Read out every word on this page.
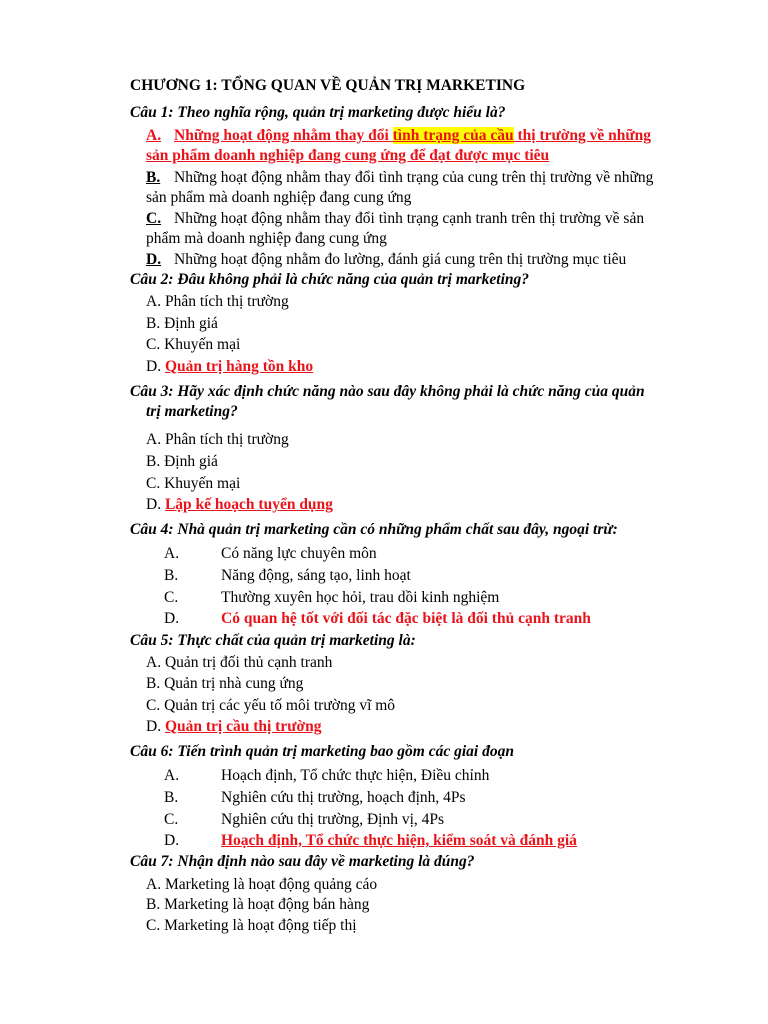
CHƯƠNG 1: TỔNG QUAN VỀ QUẢN TRỊ MARKETING
Câu 1: Theo nghĩa rộng, quản trị marketing được hiểu là?
A. Những hoạt động nhằm thay đổi tình trạng của cầu thị trường về những
sản phẩm doanh nghiệp đang cung ứng để đạt được mục tiêu
B. Những hoạt động nhằm thay đổi tình trạng của cung trên thị trường về những
sản phẩm mà doanh nghiệp đang cung ứng
C. Những hoạt động nhằm thay đổi tình trạng cạnh tranh trên thị trường về sản
phẩm mà doanh nghiệp đang cung ứng
D. Những hoạt động nhằm đo lường, đánh giá cung trên thị trường mục tiêu
Câu 2: Đâu không phải là chức năng của quản trị marketing?
A. Phân tích thị trường
B. Định giá
C. Khuyến mại
D. Quản trị hàng tồn kho
Câu 3: Hãy xác định chức năng nào sau đây không phải là chức năng của quản
trị marketing?
A. Phân tích thị trường
B. Định giá
C. Khuyến mại
D. Lập kế hoạch tuyển dụng
Câu 4: Nhà quản trị marketing cần có những phẩm chất sau đây, ngoại trừ:
A.	Có năng lực chuyên môn
B.	Năng động, sáng tạo, linh hoạt
C.	Thường xuyên học hỏi, trau dồi kinh nghiệm
D.	Có quan hệ tốt với đối tác đặc biệt là đối thủ cạnh tranh
Câu 5: Thực chất của quản trị marketing là:
A. Quản trị đối thủ cạnh tranh
B. Quản trị nhà cung ứng
C. Quản trị các yếu tố môi trường vĩ mô
D. Quản trị cầu thị trường
Câu 6: Tiến trình quản trị marketing bao gồm các giai đoạn
A.	Hoạch định, Tổ chức thực hiện, Điều chỉnh
B.	Nghiên cứu thị trường, hoạch định, 4Ps
C.	Nghiên cứu thị trường, Định vị, 4Ps
D.	Hoạch định, Tổ chức thực hiện, kiểm soát và đánh giá
Câu 7: Nhận định nào sau đây về marketing là đúng?
A. Marketing là hoạt động quảng cáo
B. Marketing là hoạt động bán hàng
C. Marketing là hoạt động tiếp thị
